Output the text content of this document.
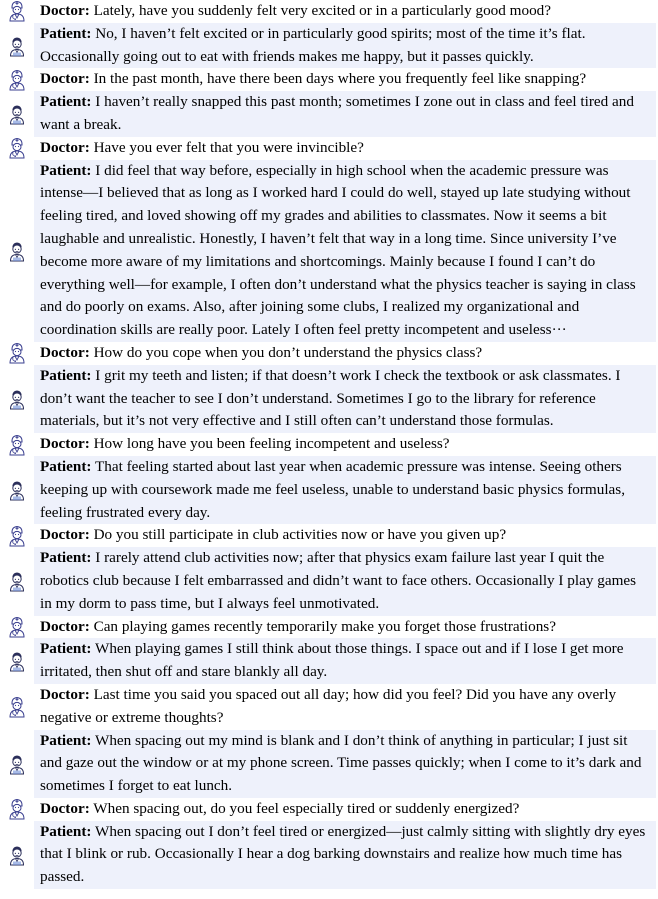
Doctor: Lately, have you suddenly felt very excited or in a particularly good mood?
Patient: No, I haven’t felt excited or in particularly good spirits; most of the time it’s flat. Occasionally going out to eat with friends makes me happy, but it passes quickly.
Doctor: In the past month, have there been days where you frequently feel like snapping?
Patient: I haven’t really snapped this past month; sometimes I zone out in class and feel tired and want a break.
Doctor: Have you ever felt that you were invincible?
Patient: I did feel that way before, especially in high school when the academic pressure was intense—I believed that as long as I worked hard I could do well, stayed up late studying without feeling tired, and loved showing off my grades and abilities to classmates. Now it seems a bit laughable and unrealistic. Honestly, I haven’t felt that way in a long time. Since university I’ve become more aware of my limitations and shortcomings. Mainly because I found I can’t do everything well—for example, I often don’t understand what the physics teacher is saying in class and do poorly on exams. Also, after joining some clubs, I realized my organizational and coordination skills are really poor. Lately I often feel pretty incompetent and useless···
Doctor: How do you cope when you don’t understand the physics class?
Patient: I grit my teeth and listen; if that doesn’t work I check the textbook or ask classmates. I don’t want the teacher to see I don’t understand. Sometimes I go to the library for reference materials, but it’s not very effective and I still often can’t understand those formulas.
Doctor: How long have you been feeling incompetent and useless?
Patient: That feeling started about last year when academic pressure was intense. Seeing others keeping up with coursework made me feel useless, unable to understand basic physics formulas, feeling frustrated every day.
Doctor: Do you still participate in club activities now or have you given up?
Patient: I rarely attend club activities now; after that physics exam failure last year I quit the robotics club because I felt embarrassed and didn’t want to face others. Occasionally I play games in my dorm to pass time, but I always feel unmotivated.
Doctor: Can playing games recently temporarily make you forget those frustrations?
Patient: When playing games I still think about those things. I space out and if I lose I get more irritated, then shut off and stare blankly all day.
Doctor: Last time you said you spaced out all day; how did you feel? Did you have any overly negative or extreme thoughts?
Patient: When spacing out my mind is blank and I don’t think of anything in particular; I just sit and gaze out the window or at my phone screen. Time passes quickly; when I come to it’s dark and sometimes I forget to eat lunch.
Doctor: When spacing out, do you feel especially tired or suddenly energized?
Patient: When spacing out I don’t feel tired or energized—just calmly sitting with slightly dry eyes that I blink or rub. Occasionally I hear a dog barking downstairs and realize how much time has passed.
